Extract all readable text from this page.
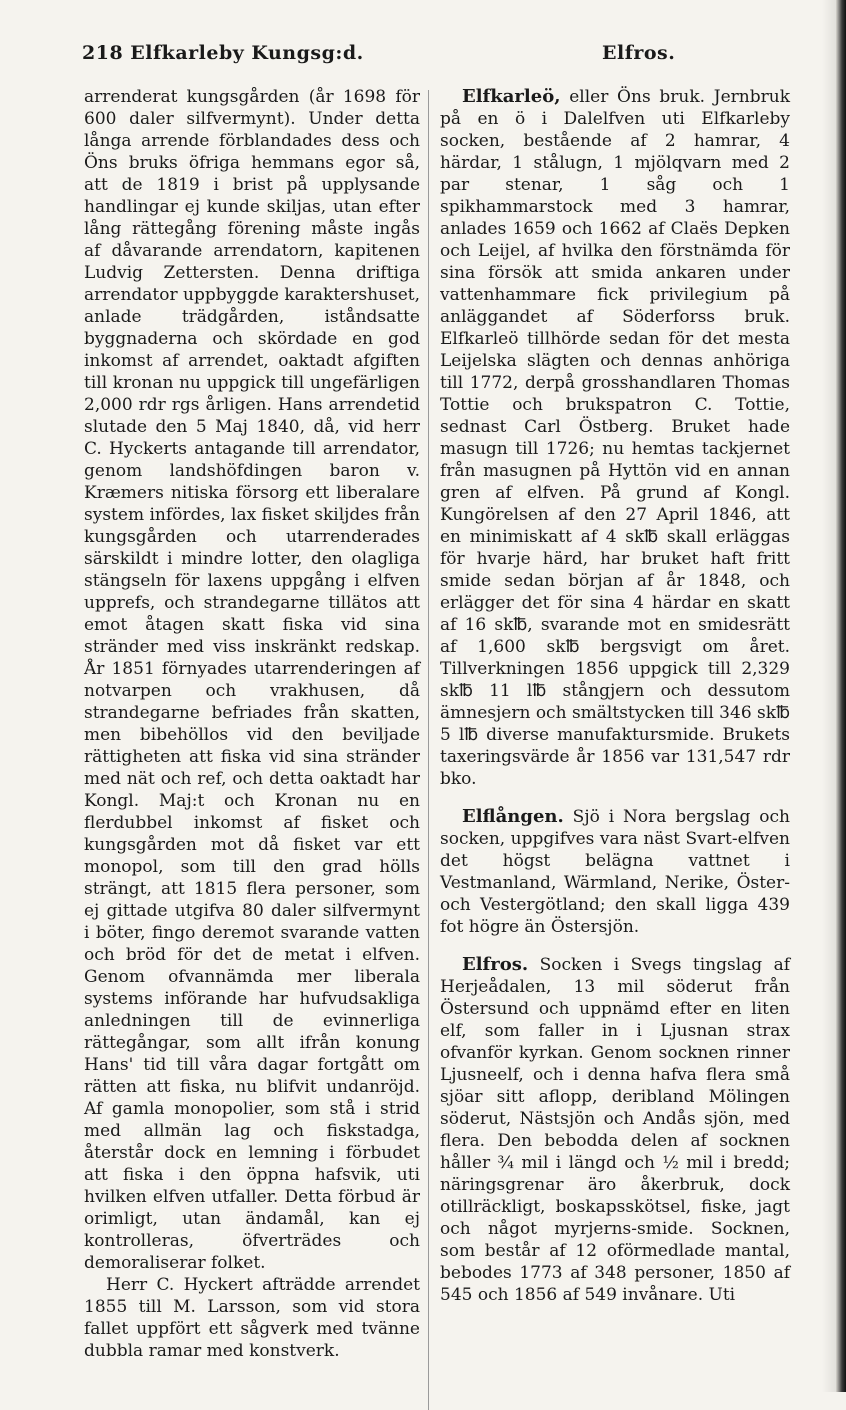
218 Elfkarleby Kungsg:d.	Elfros.

arrenderat kungsgården (år 1698 för 600 daler silfvermynt). Under detta långa arrende förblandades dess och Öns bruks öfriga hemmans egor så, att de 1819 i brist på upplysande handlingar ej kunde skiljas, utan efter lång rättegång förening måste ingås af dåvarande arrendatorn, kapitenen Ludvig Zettersten. Denna driftiga arrendator uppbyggde karaktershuset, anlade trädgården, iståndsatte byggnaderna och skördade en god inkomst af arrendet, oaktadt afgiften till kronan nu uppgick till ungefärligen 2,000 rdr rgs årligen. Hans arrendetid slutade den 5 Maj 1840, då, vid herr C. Hyckerts antagande till arrendator, genom landshöfdingen baron v. Kræmers nitiska försorg ett liberalare system infördes, lax fisket skiljdes från kungsgården och utarrenderades särskildt i mindre lotter, den olagliga stängseln för laxens uppgång i elfven upprefs, och strandegarne tillätos att emot åtagen skatt fiska vid sina stränder med viss inskränkt redskap. År 1851 förnyades utarrenderingen af notvarpen och vrakhusen, då strandegarne befriades från skatten, men bibehöllos vid den beviljade rättigheten att fiska vid sina stränder med nät och ref, och detta oaktadt har Kongl. Maj:t och Kronan nu en flerdubbel inkomst af fisket och kungsgården mot då fisket var ett monopol, som till den grad hölls strängt, att 1815 flera personer, som ej gittade utgifva 80 daler silfvermynt i böter, fingo deremot svarande vatten och bröd för det de metat i elfven. Genom ofvannämda mer liberala systems införande har hufvudsakliga anledningen till de evinnerliga rättegångar, som allt ifrån konung Hans' tid till våra dagar fortgått om rätten att fiska, nu blifvit undanröjd. Af gamla monopolier, som stå i strid med allmän lag och fiskstadga, återstår dock en lemning i förbudet att fiska i den öppna hafsvik, uti hvilken elfven utfaller. Detta förbud är orimligt, utan ändamål, kan ej kontrolleras, öfverträdes och demoraliserar folket.

Herr C. Hyckert afträdde arrendet 1855 till M. Larsson, som vid stora fallet uppfört ett sågverk med tvänne dubbla ramar med konstverk.

Elfkarleö, eller Öns bruk. Jernbruk på en ö i Dalelfven uti Elfkarleby socken, bestående af 2 hamrar, 4 härdar, 1 stålugn, 1 mjölqvarn med 2 par stenar, 1 såg och 1 spikhammarstock med 3 hamrar, anlades 1659 och 1662 af Claës Depken och Leijel, af hvilka den förstnämda för sina försök att smida ankaren under vattenhammare fick privilegium på anläggandet af Söderforss bruk. Elfkarleö tillhörde sedan för det mesta Leijelska slägten och dennas anhöriga till 1772, derpå grosshandlaren Thomas Tottie och brukspatron C. Tottie, sednast Carl Östberg. Bruket hade masugn till 1726; nu hemtas tackjernet från masugnen på Hyttön vid en annan gren af elfven. På grund af Kongl. Kungörelsen af den 27 April 1846, att en minimiskatt af 4 sk℔ skall erläggas för hvarje härd, har bruket haft fritt smide sedan början af år 1848, och erlägger det för sina 4 härdar en skatt af 16 sk℔, svarande mot en smidesrätt af 1,600 sk℔ bergsvigt om året. Tillverkningen 1856 uppgick till 2,329 sk℔ 11 l℔ stångjern och dessutom ämnesjern och smältstycken till 346 sk℔ 5 l℔ diverse manufaktursmide. Brukets taxeringsvärde år 1856 var 131,547 rdr bko.

Elflången. Sjö i Nora bergslag och socken, uppgifves vara näst Svart-elfven det högst belägna vattnet i Vestmanland, Wärmland, Nerike, Öster- och Vestergötland; den skall ligga 439 fot högre än Östersjön.

Elfros. Socken i Svegs tingslag af Herjeådalen, 13 mil söderut från Östersund och uppnämd efter en liten elf, som faller in i Ljusnan strax ofvanför kyrkan. Genom socknen rinner Ljusneelf, och i denna hafva flera små sjöar sitt aflopp, deribland Mölingen söderut, Nästsjön och Andås sjön, med flera. Den bebodda delen af socknen håller ¾ mil i längd och ½ mil i bredd; näringsgrenar äro åkerbruk, dock otillräckligt, boskapsskötsel, fiske, jagt och något myrjerns-smide. Socknen, som består af 12 oförmedlade mantal, bebodes 1773 af 348 personer, 1850 af 545 och 1856 af 549 invånare. Uti
